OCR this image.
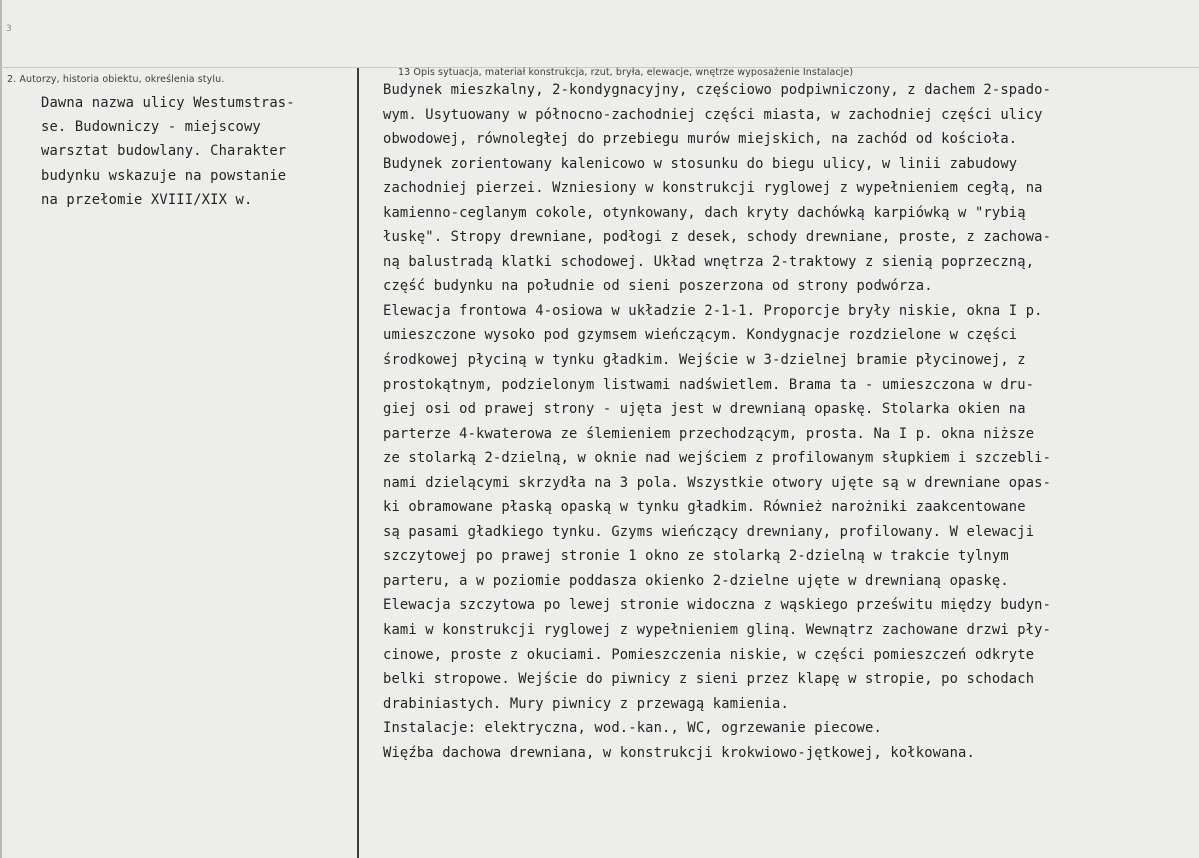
3
2. Autorzy, historia obiektu, określenia stylu.
13 Opis sytuacja, materiał konstrukcja, rzut, bryła, elewacje, wnętrze wyposażenie Instalacje)
Dawna nazwa ulicy Westumstras-
se. Budowniczy - miejscowy
warsztat budowlany. Charakter
budynku wskazuje na powstanie
na przełomie XVIII/XIX w.
Budynek mieszkalny, 2-kondygnacyjny, częściowo podpiwniczony, z dachem 2-spado-
wym. Usytuowany w północno-zachodniej części miasta, w zachodniej części ulicy
obwodowej, równoległej do przebiegu murów miejskich, na zachód od kościoła.
Budynek zorientowany kalenicowo w stosunku do biegu ulicy, w linii zabudowy
zachodniej pierzei. Wzniesiony w konstrukcji ryglowej z wypełnieniem cegłą, na
kamienno-ceglanym cokole, otynkowany, dach kryty dachówką karpiówką w "rybią
łuskę". Stropy drewniane, podłogi z desek, schody drewniane, proste, z zachowa-
ną balustradą klatki schodowej. Układ wnętrza 2-traktowy z sienią poprzeczną,
część budynku na południe od sieni poszerzona od strony podwórza.
Elewacja frontowa 4-osiowa w układzie 2-1-1. Proporcje bryły niskie, okna I p.
umieszczone wysoko pod gzymsem wieńczącym. Kondygnacje rozdzielone w części
środkowej płyciną w tynku gładkim. Wejście w 3-dzielnej bramie płycinowej, z
prostokątnym, podzielonym listwami nadświetlem. Brama ta - umieszczona w dru-
giej osi od prawej strony - ujęta jest w drewnianą opaskę. Stolarka okien na
parterze 4-kwaterowa ze ślemieniem przechodzącym, prosta. Na I p. okna niższe
ze stolarką 2-dzielną, w oknie nad wejściem z profilowanym słupkiem i szczebli-
nami dzielącymi skrzydła na 3 pola. Wszystkie otwory ujęte są w drewniane opas-
ki obramowane płaską opaską w tynku gładkim. Również narożniki zaakcentowane
są pasami gładkiego tynku. Gzyms wieńczący drewniany, profilowany. W elewacji
szczytowej po prawej stronie 1 okno ze stolarką 2-dzielną w trakcie tylnym
parteru, a w poziomie poddasza okienko 2-dzielne ujęte w drewnianą opaskę.
Elewacja szczytowa po lewej stronie widoczna z wąskiego prześwitu między budyn-
kami w konstrukcji ryglowej z wypełnieniem gliną. Wewnątrz zachowane drzwi pły-
cinowe, proste z okuciami. Pomieszczenia niskie, w części pomieszczeń odkryte
belki stropowe. Wejście do piwnicy z sieni przez klapę w stropie, po schodach
drabiniastych. Mury piwnicy z przewagą kamienia.
Instalacje: elektryczna, wod.-kan., WC, ogrzewanie piecowe.
Więźba dachowa drewniana, w konstrukcji krokwiowo-jętkowej, kołkowana.
